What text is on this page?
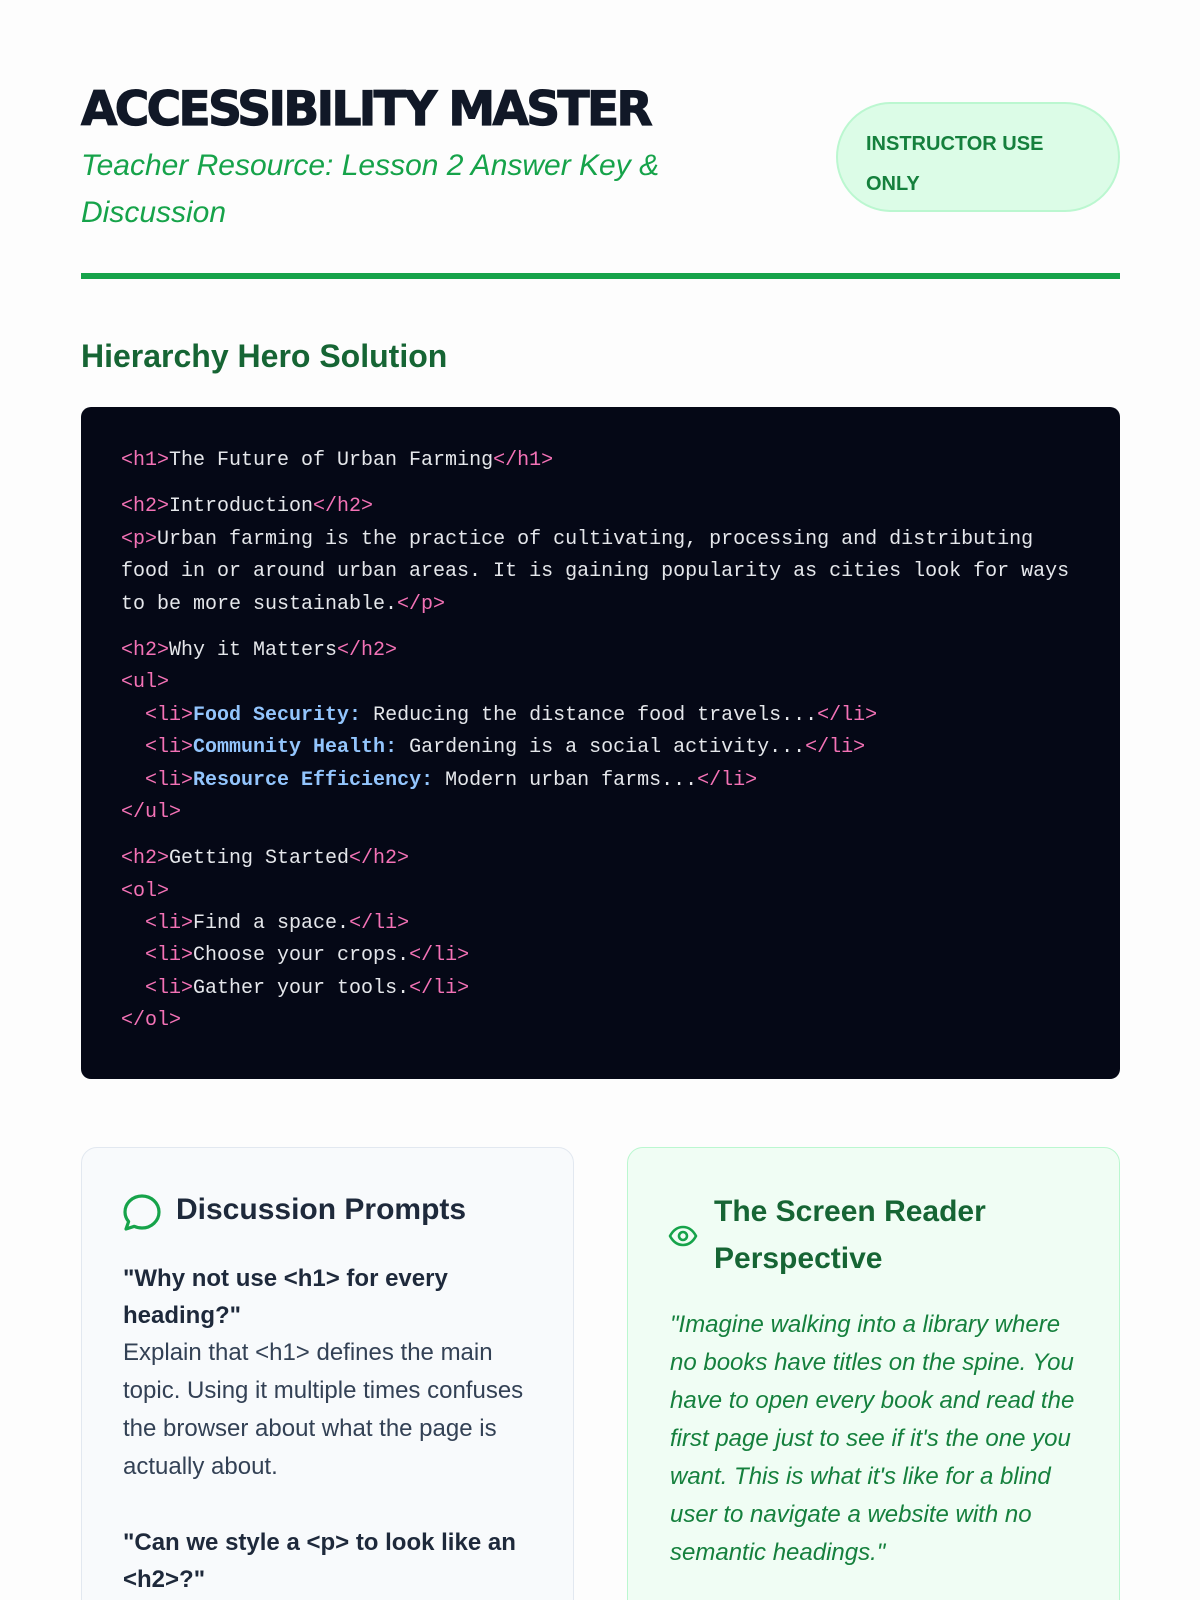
ACCESSIBILITY MASTER

Teacher Resource: Lesson 2 Answer Key & Discussion

INSTRUCTOR USE ONLY
Hierarchy Hero Solution
<h1>The Future of Urban Farming</h1>
<h2>Introduction</h2>
<p>Urban farming is the practice of cultivating, processing and distributing
food in or around urban areas. It is gaining popularity as cities look for ways
to be more sustainable.</p>
<h2>Why it Matters</h2>
<ul>
<li>Food Security: Reducing the distance food travels...</li>
<li>Community Health: Gardening is a social activity...</li>
<li>Resource Efficiency: Modern urban farms...</li>
</ul>
<h2>Getting Started</h2>
<ol>
<li>Find a space.</li>
<li>Choose your crops.</li>
<li>Gather your tools.</li>
</ol>
Discussion Prompts
"Why not use <h1> for every heading?"
Explain that <h1> defines the main topic. Using it multiple times confuses the browser about what the page is actually about.
"Can we style a <p> to look like an <h2>?"
The Screen Reader Perspective

"Imagine walking into a library where no books have titles on the spine. You have to open every book and read the first page just to see if it's the one you want. This is what it's like for a blind user to navigate a website with no semantic headings."
